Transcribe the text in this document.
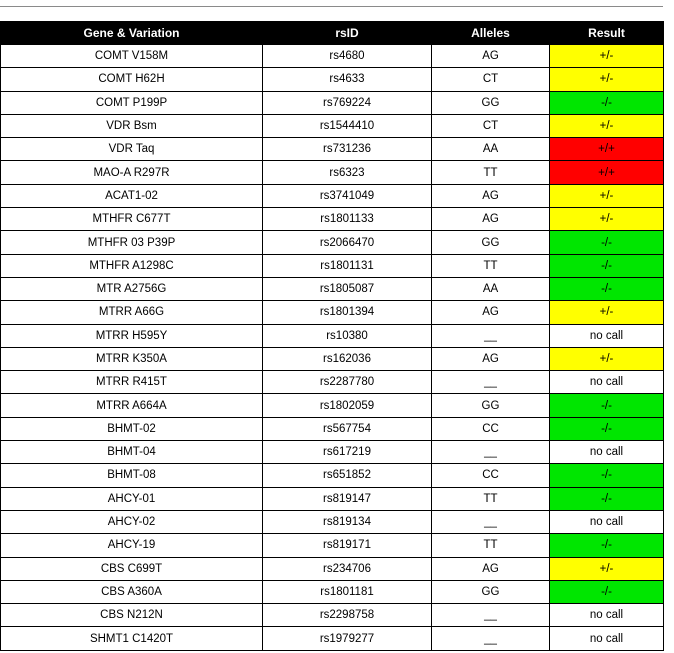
Gene & Variation	rsID	Alleles	Result
COMT V158M	rs4680	AG	+/-
COMT H62H	rs4633	CT	+/-
COMT P199P	rs769224	GG	-/-
VDR Bsm	rs1544410	CT	+/-
VDR Taq	rs731236	AA	+/+
MAO-A R297R	rs6323	TT	+/+
ACAT1-02	rs3741049	AG	+/-
MTHFR C677T	rs1801133	AG	+/-
MTHFR 03 P39P	rs2066470	GG	-/-
MTHFR A1298C	rs1801131	TT	-/-
MTR A2756G	rs1805087	AA	-/-
MTRR A66G	rs1801394	AG	+/-
MTRR H595Y	rs10380	__	no call
MTRR K350A	rs162036	AG	+/-
MTRR R415T	rs2287780	__	no call
MTRR A664A	rs1802059	GG	-/-
BHMT-02	rs567754	CC	-/-
BHMT-04	rs617219	__	no call
BHMT-08	rs651852	CC	-/-
AHCY-01	rs819147	TT	-/-
AHCY-02	rs819134	__	no call
AHCY-19	rs819171	TT	-/-
CBS C699T	rs234706	AG	+/-
CBS A360A	rs1801181	GG	-/-
CBS N212N	rs2298758	__	no call
SHMT1 C1420T	rs1979277	__	no call
